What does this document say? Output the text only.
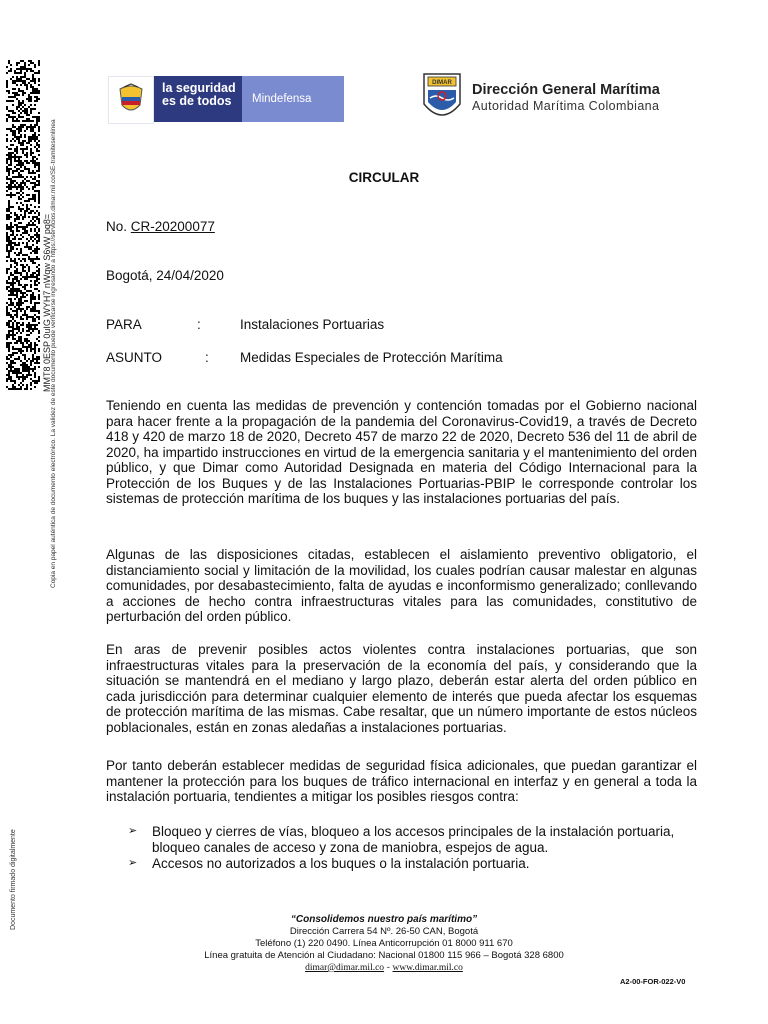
MMT8 0ESP 0uIG WYH7 nWqw S6vW pq8=
Copia en papel auténtica de documento electrónico. La validez de este documento puede verificarse ingresando a https://servicios.dimar.mil.co/SE-tramitesenlinea
Documento firmado digitalmente
la seguridad es de todos	Mindefensa
DIMAR Dirección General Marítima
Autoridad Marítima Colombiana
CIRCULAR
No. CR-20200077
Bogotá, 24/04/2020
PARA	:	Instalaciones Portuarias
ASUNTO	: Medidas Especiales de Protección Marítima
Teniendo en cuenta las medidas de prevención y contención tomadas por el Gobierno nacional para hacer frente a la propagación de la pandemia del Coronavirus-Covid19, a través de Decreto 418 y 420 de marzo 18 de 2020, Decreto 457 de marzo 22 de 2020, Decreto 536 del 11 de abril de 2020, ha impartido instrucciones en virtud de la emergencia sanitaria y el mantenimiento del orden público, y que Dimar como Autoridad Designada en materia del Código Internacional para la Protección de los Buques y de las Instalaciones Portuarias-PBIP le corresponde controlar los sistemas de protección marítima de los buques y las instalaciones portuarias del país.
Algunas de las disposiciones citadas, establecen el aislamiento preventivo obligatorio, el distanciamiento social y limitación de la movilidad, los cuales podrían causar malestar en algunas comunidades, por desabastecimiento, falta de ayudas e inconformismo generalizado; conllevando a acciones de hecho contra infraestructuras vitales para las comunidades, constitutivo de perturbación del orden público.
En aras de prevenir posibles actos violentes contra instalaciones portuarias, que son infraestructuras vitales para la preservación de la economía del país, y considerando que la situación se mantendrá en el mediano y largo plazo, deberán estar alerta del orden público en cada jurisdicción para determinar cualquier elemento de interés que pueda afectar los esquemas de protección marítima de las mismas. Cabe resaltar, que un número importante de estos núcleos poblacionales, están en zonas aledañas a instalaciones portuarias.
Por tanto deberán establecer medidas de seguridad física adicionales, que puedan garantizar el mantener la protección para los buques de tráfico internacional en interfaz y en general a toda la instalación portuaria, tendientes a mitigar los posibles riesgos contra:
➢ Bloqueo y cierres de vías, bloqueo a los accesos principales de la instalación portuaria, bloqueo canales de acceso y zona de maniobra, espejos de agua.
➢ Accesos no autorizados a los buques o la instalación portuaria.
“Consolidemos nuestro país marítimo”
Dirección Carrera 54 Nº. 26-50 CAN, Bogotá
Teléfono (1) 220 0490. Línea Anticorrupción 01 8000 911 670
Línea gratuita de Atención al Ciudadano: Nacional 01800 115 966 – Bogotá 328 6800
dimar@dimar.mil.co - www.dimar.mil.co
A2-00-FOR-022-V0
